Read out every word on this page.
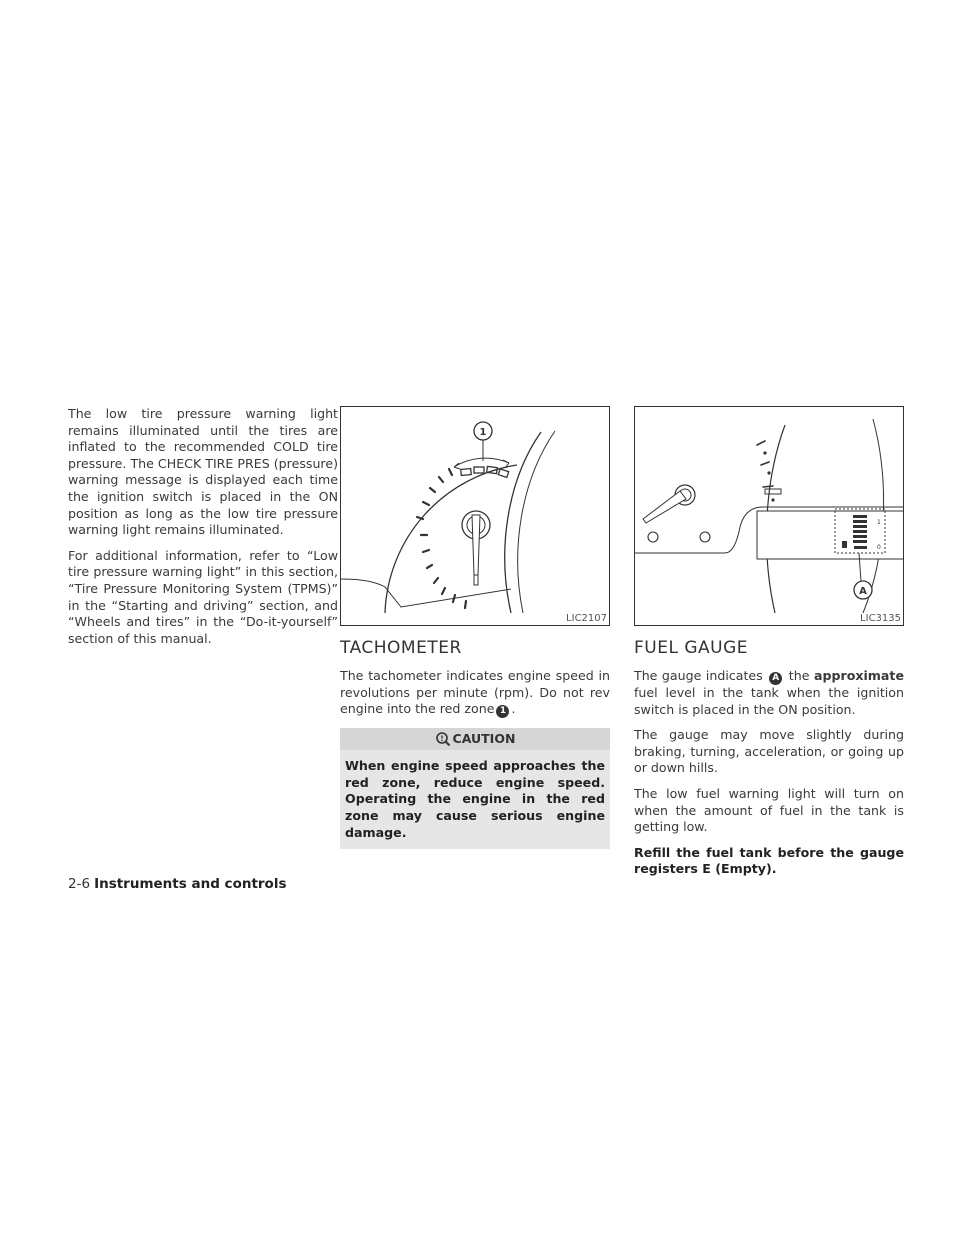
The low tire pressure warning light remains illuminated until the tires are inflated to the recommended COLD tire pressure. The CHECK TIRE PRES (pressure) warning message is displayed each time the ignition switch is placed in the ON position as long as the low tire pressure warning light remains illuminated.

For additional information, refer to “Low tire pressure warning light” in this section, “Tire Pressure Monitoring System (TPMS)” in the “Starting and driving” section, and “Wheels and tires” in the “Do-it-yourself” section of this manual.

1
LIC2107
TACHOMETER

The tachometer indicates engine speed in revolutions per minute (rpm). Do not rev engine into the red zone 1 .

CAUTION
When engine speed approaches the red zone, reduce engine speed. Operating the engine in the red zone may cause serious engine damage.
1
0
A
LIC3135
FUEL GAUGE

The gauge indicates A the approximate fuel level in the tank when the ignition switch is placed in the ON position.

The gauge may move slightly during braking, turning, acceleration, or going up or down hills.

The low fuel warning light will turn on when the amount of fuel in the tank is getting low.

Refill the fuel tank before the gauge registers E (Empty).

2-6 Instruments and controls
